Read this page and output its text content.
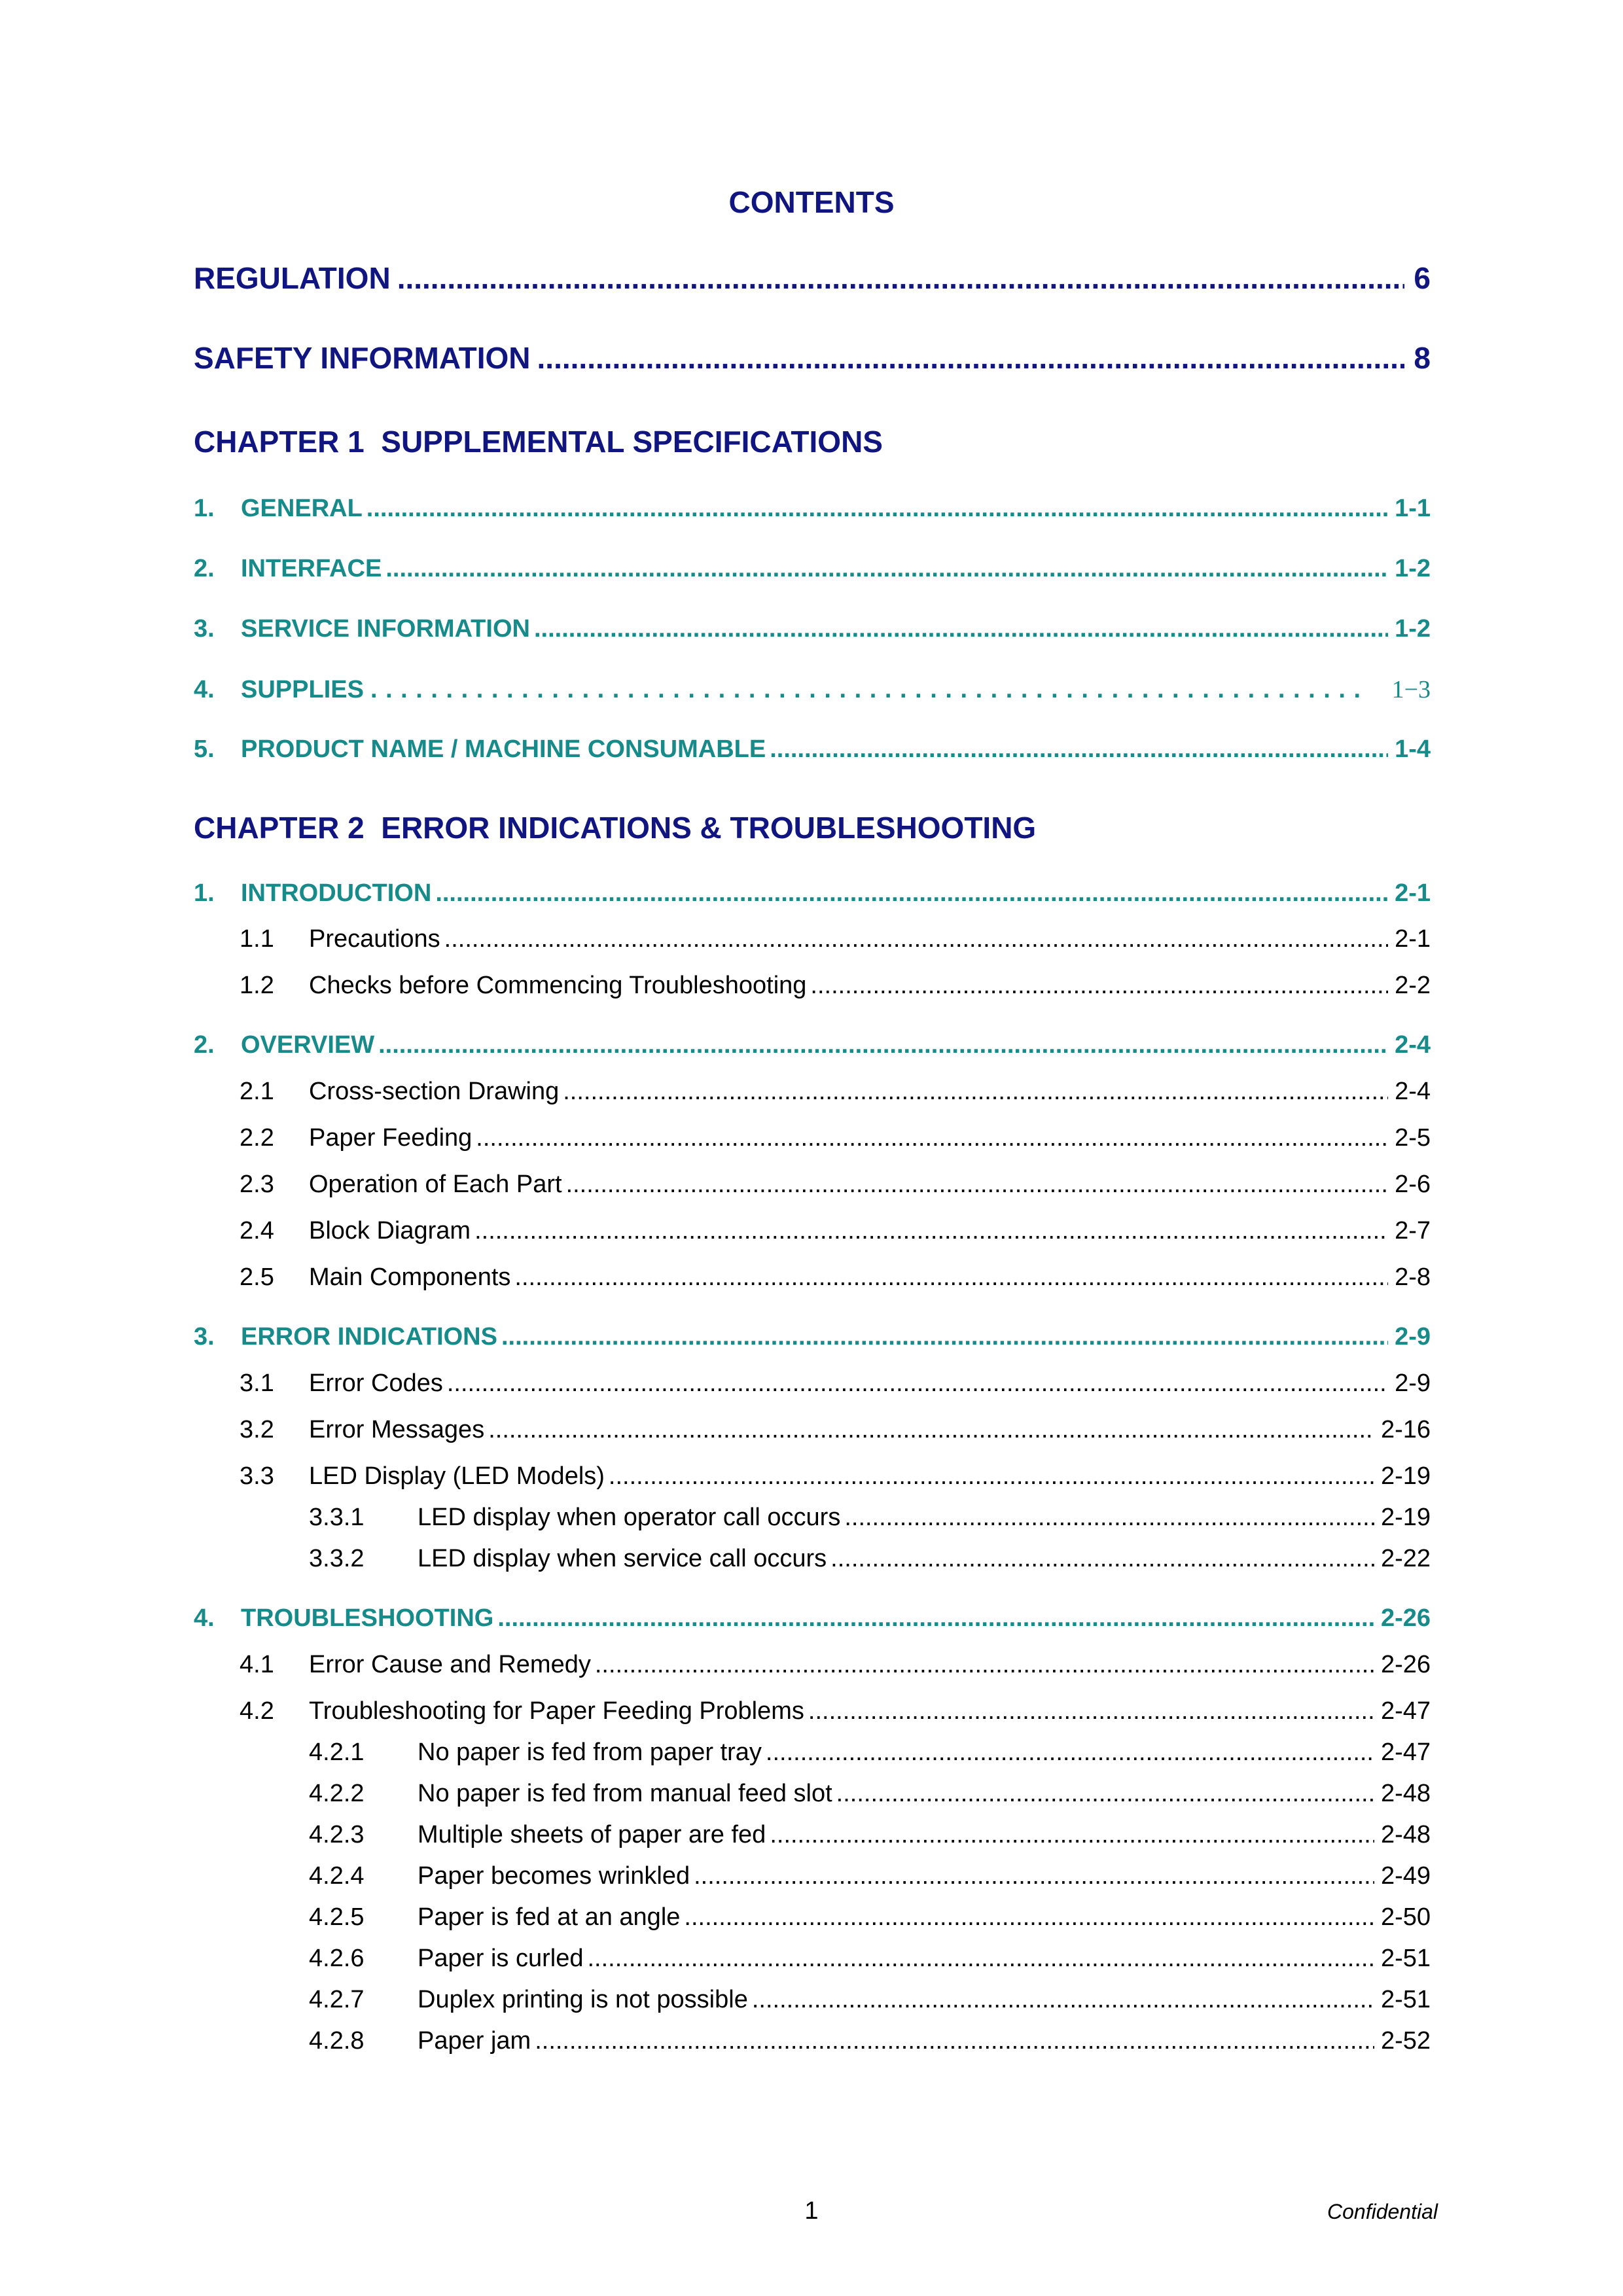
CONTENTS
REGULATION .....	6
SAFETY INFORMATION .....	8
CHAPTER 1  SUPPLEMENTAL SPECIFICATIONS
1.	GENERAL .....	1-1
2.	INTERFACE .....	1-2
3.	SERVICE INFORMATION .....	1-2
4.	SUPPLIES . . .	1−3
5.	PRODUCT NAME / MACHINE CONSUMABLE .....	1-4
CHAPTER 2  ERROR INDICATIONS & TROUBLESHOOTING
1.	INTRODUCTION .....	2-1
1.1	Precautions .....	2-1
1.2	Checks before Commencing Troubleshooting .....	2-2
2.	OVERVIEW .....	2-4
2.1	Cross-section Drawing .....	2-4
2.2	Paper Feeding .....	2-5
2.3	Operation of Each Part .....	2-6
2.4	Block Diagram .....	2-7
2.5	Main Components .....	2-8
3.	ERROR INDICATIONS .....	2-9
3.1	Error Codes .....	2-9
3.2	Error Messages .....	2-16
3.3	LED Display (LED Models) .....	2-19
3.3.1	LED display when operator call occurs .....	2-19
3.3.2	LED display when service call occurs .....	2-22
4.	TROUBLESHOOTING .....	2-26
4.1	Error Cause and Remedy .....	2-26
4.2	Troubleshooting for Paper Feeding Problems .....	2-47
4.2.1	No paper is fed from paper tray .....	2-47
4.2.2	No paper is fed from manual feed slot .....	2-48
4.2.3	Multiple sheets of paper are fed .....	2-48
4.2.4	Paper becomes wrinkled .....	2-49
4.2.5	Paper is fed at an angle .....	2-50
4.2.6	Paper is curled .....	2-51
4.2.7	Duplex printing is not possible .....	2-51
4.2.8	Paper jam .....	2-52
1	Confidential
